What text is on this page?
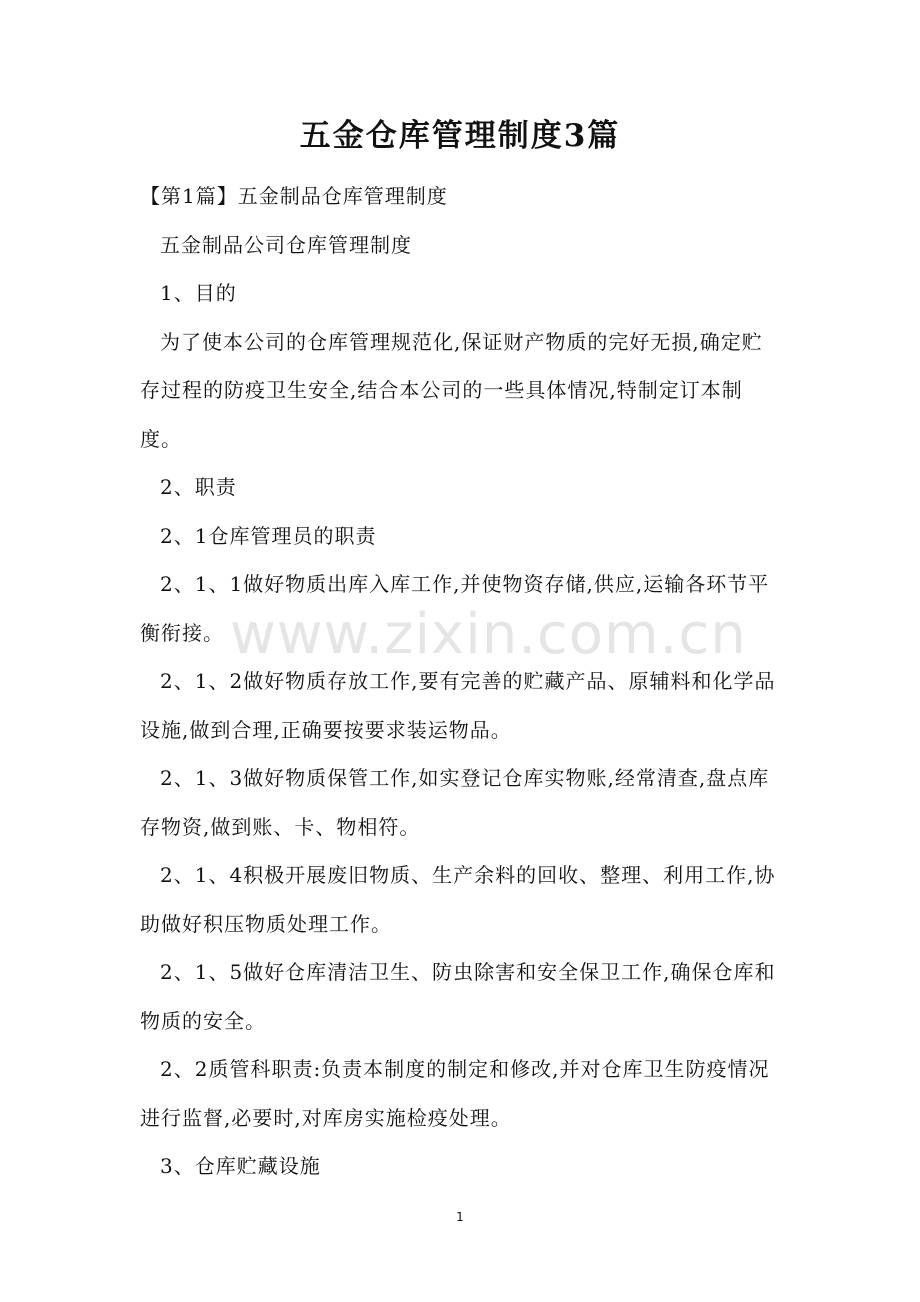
五金仓库管理制度3篇

【第1篇】五金制品仓库管理制度

五金制品公司仓库管理制度

1、目的

为了使本公司的仓库管理规范化,保证财产物质的完好无损,确定贮存过程的防疫卫生安全,结合本公司的一些具体情况,特制定订本制度。

2、职责

2、1仓库管理员的职责

2、1、1做好物质出库入库工作,并使物资存储,供应,运输各环节平衡衔接。

2、1、2做好物质存放工作,要有完善的贮藏产品、原辅料和化学品设施,做到合理,正确要按要求装运物品。

2、1、3做好物质保管工作,如实登记仓库实物账,经常清查,盘点库存物资,做到账、卡、物相符。

2、1、4积极开展废旧物质、生产余料的回收、整理、利用工作,协助做好积压物质处理工作。

2、1、5做好仓库清洁卫生、防虫除害和安全保卫工作,确保仓库和物质的安全。

2、2质管科职责:负责本制度的制定和修改,并对仓库卫生防疫情况进行监督,必要时,对库房实施检疫处理。

3、仓库贮藏设施

www.zixin.com.cn
1
